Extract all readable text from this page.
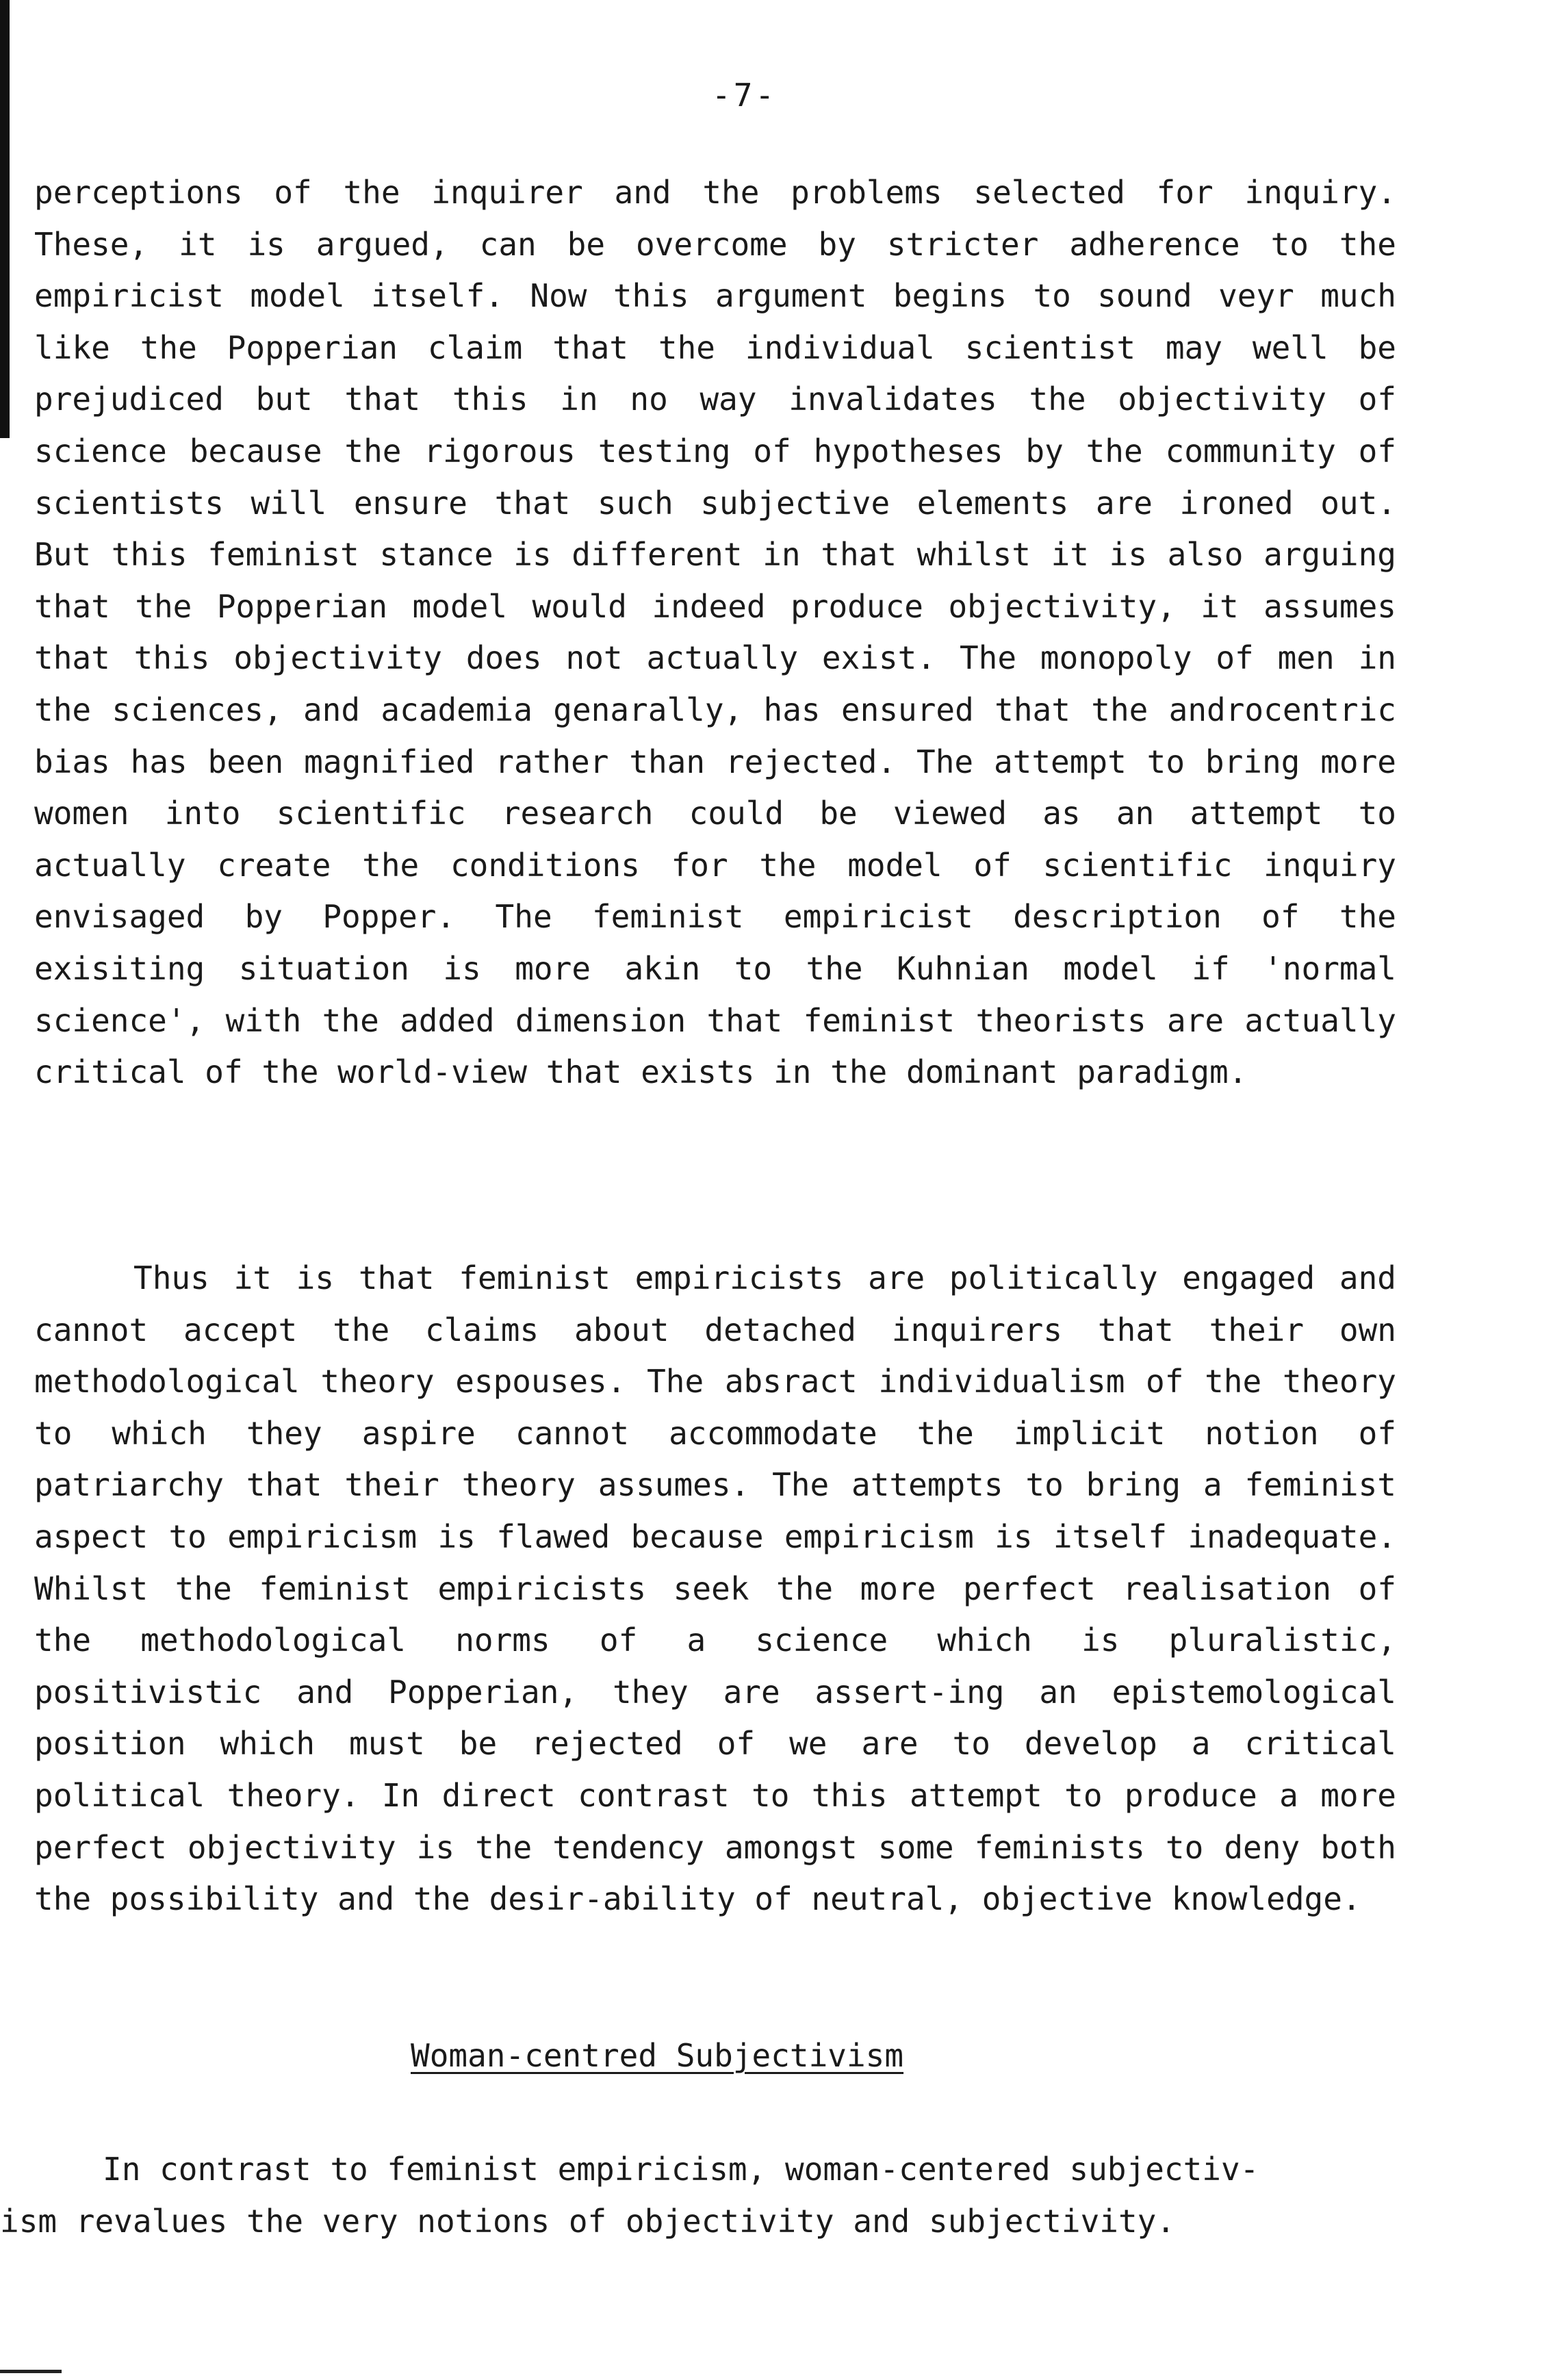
-7-

perceptions of the inquirer and the problems selected for inquiry. These, it is argued, can be overcome by stricter adherence to the empiricist model itself. Now this argument begins to sound veyr much like the Popperian claim that the individual scientist may well be prejudiced but that this in no way invalidates the objectivity of science because the rigorous testing of hypotheses by the community of scientists will ensure that such subjective elements are ironed out. But this feminist stance is different in that whilst it is also arguing that the Popperian model would indeed produce objectivity, it assumes that this objectivity does not actually exist. The monopoly of men in the sciences, and academia genarally, has ensured that the androcentric bias has been magnified rather than rejected. The attempt to bring more women into scientific research could be viewed as an attempt to actually create the conditions for the model of scientific inquiry envisaged by Popper. The feminist empiricist description of the exisiting situation is more akin to the Kuhnian model if 'normal science', with the added dimension that feminist theorists are actually critical of the world-view that exists in the dominant paradigm.

Thus it is that feminist empiricists are politically engaged and cannot accept the claims about detached inquirers that their own methodological theory espouses. The absract individualism of the theory to which they aspire cannot accommodate the implicit notion of patriarchy that their theory assumes. The attempts to bring a feminist aspect to empiricism is flawed because empiricism is itself inadequate. Whilst the feminist empiricists seek the more perfect realisation of the methodological norms of a science which is pluralistic, positivistic and Popperian, they are assert-ing an epistemological position which must be rejected of we are to develop a critical political theory. In direct contrast to this attempt to produce a more perfect objectivity is the tendency amongst some feminists to deny both the possibility and the desir-ability of neutral, objective knowledge.

Woman-centred Subjectivism

In contrast to feminist empiricism, woman-centered subjectiv-
ism revalues the very notions of objectivity and subjectivity.
